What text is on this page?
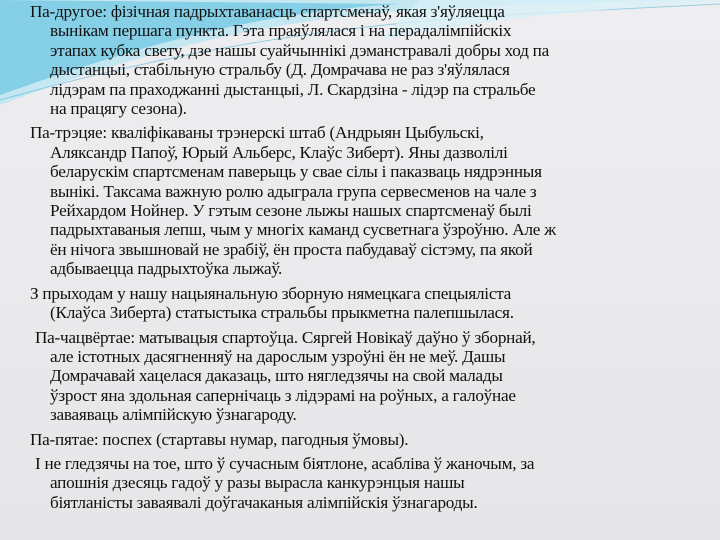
Па-другое: фізічная падрыхтаванасць спартсменаў, якая з'яўляецца
вынікам першага пункта. Гэта праяўлялася і на перадалімпійскіх
этапах кубка свету, дзе нашы суайчыннікі дэманстравалі добры ход па
дыстанцыі, стабільную стральбу (Д. Домрачава не раз з'яўлялася
лідэрам па праходжанні дыстанцыі, Л. Скардзіна - лідэр па стральбе
на працягу сезона).
Па-трэцяе: кваліфікаваны трэнерскі штаб (Андрыян Цыбульскі,
Аляксандр Папоў, Юрый Альберс, Клаўс Зиберт). Яны дазволілі
беларускім спартсменам паверыць у свае сілы і паказваць нядрэнныя
вынікі. Таксама важную ролю адыграла група сервесменов на чале з
Рейхардом Нойнер. У гэтым сезоне лыжы нашых спартсменаў былі
падрыхтаваныя лепш, чым у многіх каманд сусветнага ўзроўню. Але ж
ён нічога звышновай не зрабіў, ён проста пабудаваў сістэму, па якой
адбываецца падрыхтоўка лыжаў.
З прыходам у нашу нацыянальную зборную нямецкага спецыяліста
(Клаўса Зиберта) статыстыка стральбы прыкметна палепшылася.
Па-чацвёртае: матывацыя спартоўца. Сяргей Новікаў даўно ў зборнай,
але істотных дасягненняў на дарослым узроўні ён не меў. Дашы
Домрачавай хацелася даказаць, што нягледзячы на свой малады
ўзрост яна здольная сапернічаць з лідэрамі на роўных, а галоўнае
заваяваць алімпійскую ўзнагароду.
Па-пятае: поспех (стартавы нумар, пагодныя ўмовы).
І не гледзячы на тое, што ў сучасным біятлоне, асабліва ў жаночым, за
апошнія дзесяць гадоў у разы вырасла канкурэнцыя нашы
біятланісты заваявалі доўгачаканыя алімпійскія ўзнагароды.
